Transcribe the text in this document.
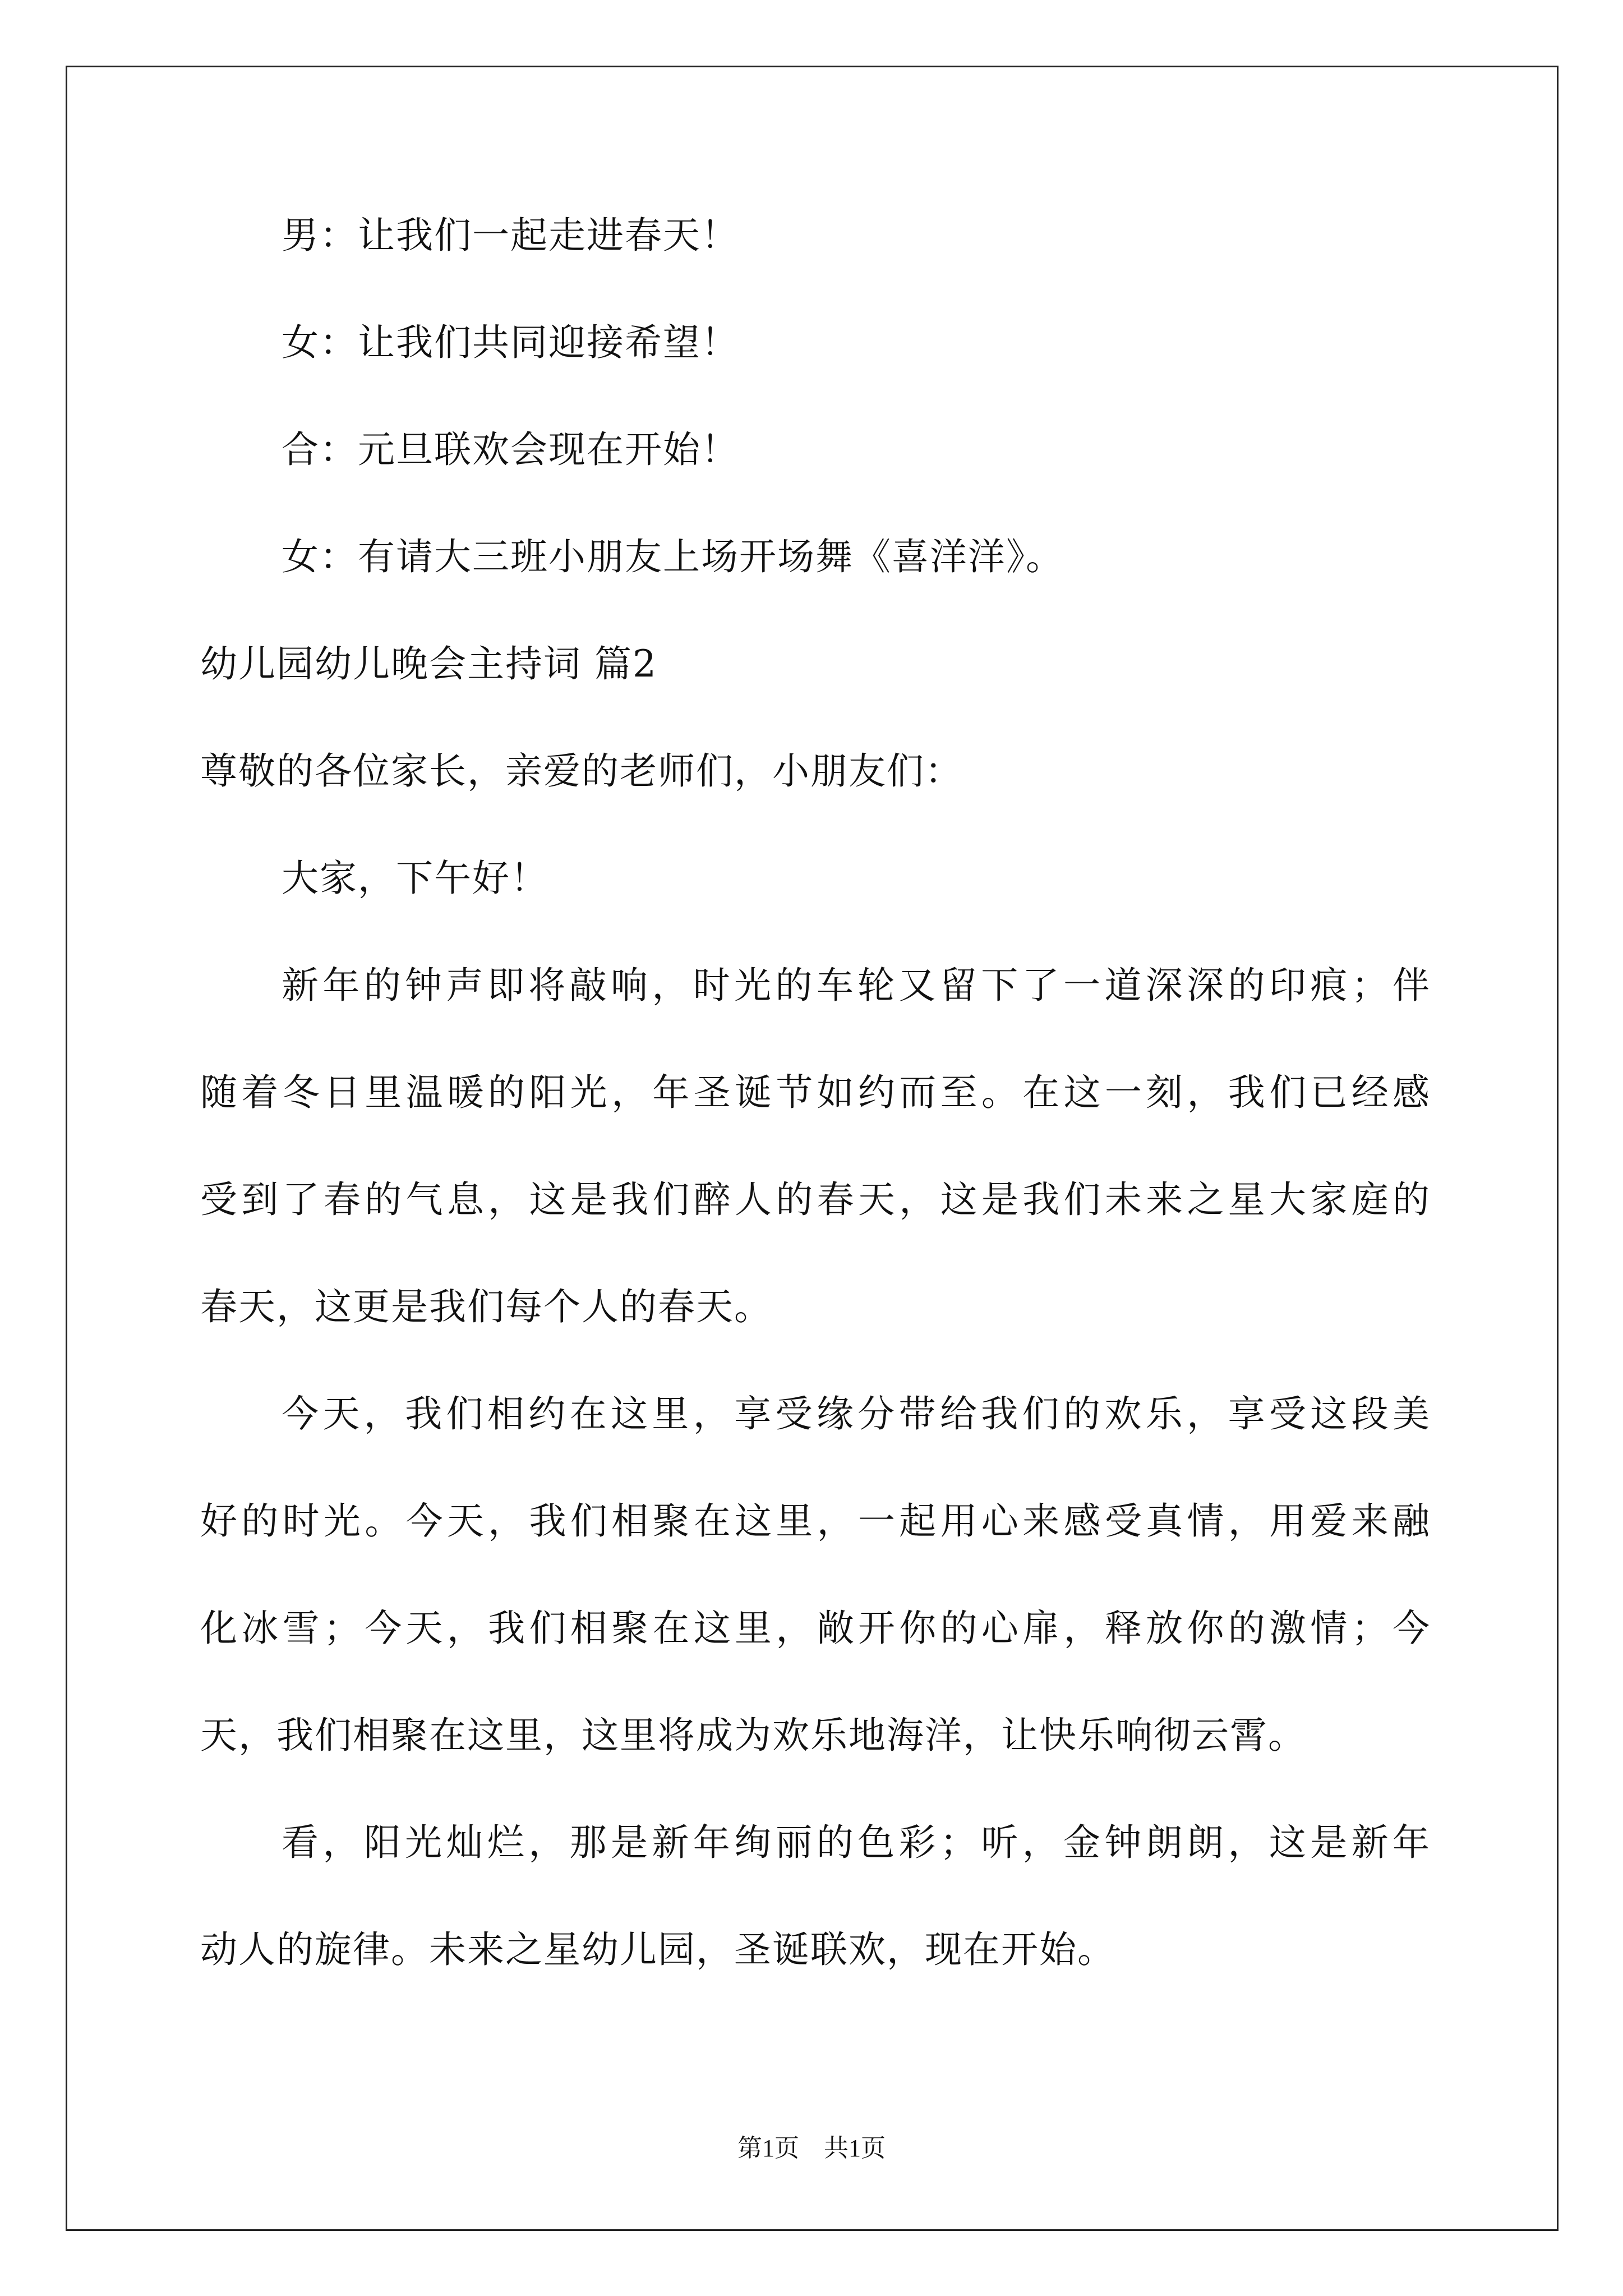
男：让我们一起走进春天！
女：让我们共同迎接希望！
合：元旦联欢会现在开始！
女：有请大三班小朋友上场开场舞《喜洋洋》。
幼儿园幼儿晚会主持词 篇2
尊敬的各位家长，亲爱的老师们，小朋友们：
大家，下午好！
新年的钟声即将敲响，时光的车轮又留下了一道深深的印痕；伴
随着冬日里温暖的阳光，年圣诞节如约而至。在这一刻，我们已经感
受到了春的气息，这是我们醉人的春天，这是我们未来之星大家庭的
春天，这更是我们每个人的春天。
今天，我们相约在这里，享受缘分带给我们的欢乐，享受这段美
好的时光。今天，我们相聚在这里，一起用心来感受真情，用爱来融
化冰雪；今天，我们相聚在这里，敞开你的心扉，释放你的激情；今
天，我们相聚在这里，这里将成为欢乐地海洋，让快乐响彻云霄。
看，阳光灿烂，那是新年绚丽的色彩；听，金钟朗朗，这是新年
动人的旋律。未来之星幼儿园，圣诞联欢，现在开始。
第1页　共1页
